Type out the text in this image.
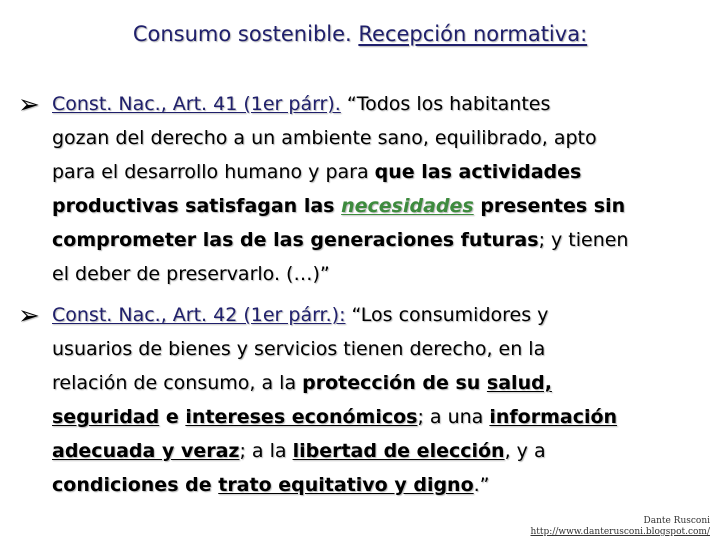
Consumo sostenible. Recepción normativa:
➢ Const. Nac., Art. 41 (1er párr). “Todos los habitantes
gozan del derecho a un ambiente sano, equilibrado, apto
para el desarrollo humano y para que las actividades
productivas satisfagan las necesidades presentes sin
comprometer las de las generaciones futuras; y tienen
el deber de preservarlo. (…)”
➢ Const. Nac., Art. 42 (1er párr.): “Los consumidores y
usuarios de bienes y servicios tienen derecho, en la
relación de consumo, a la protección de su salud,
seguridad e intereses económicos; a una información
adecuada y veraz; a la libertad de elección, y a
condiciones de trato equitativo y digno.”
Dante Rusconi
http://www.danterusconi.blogspot.com/
